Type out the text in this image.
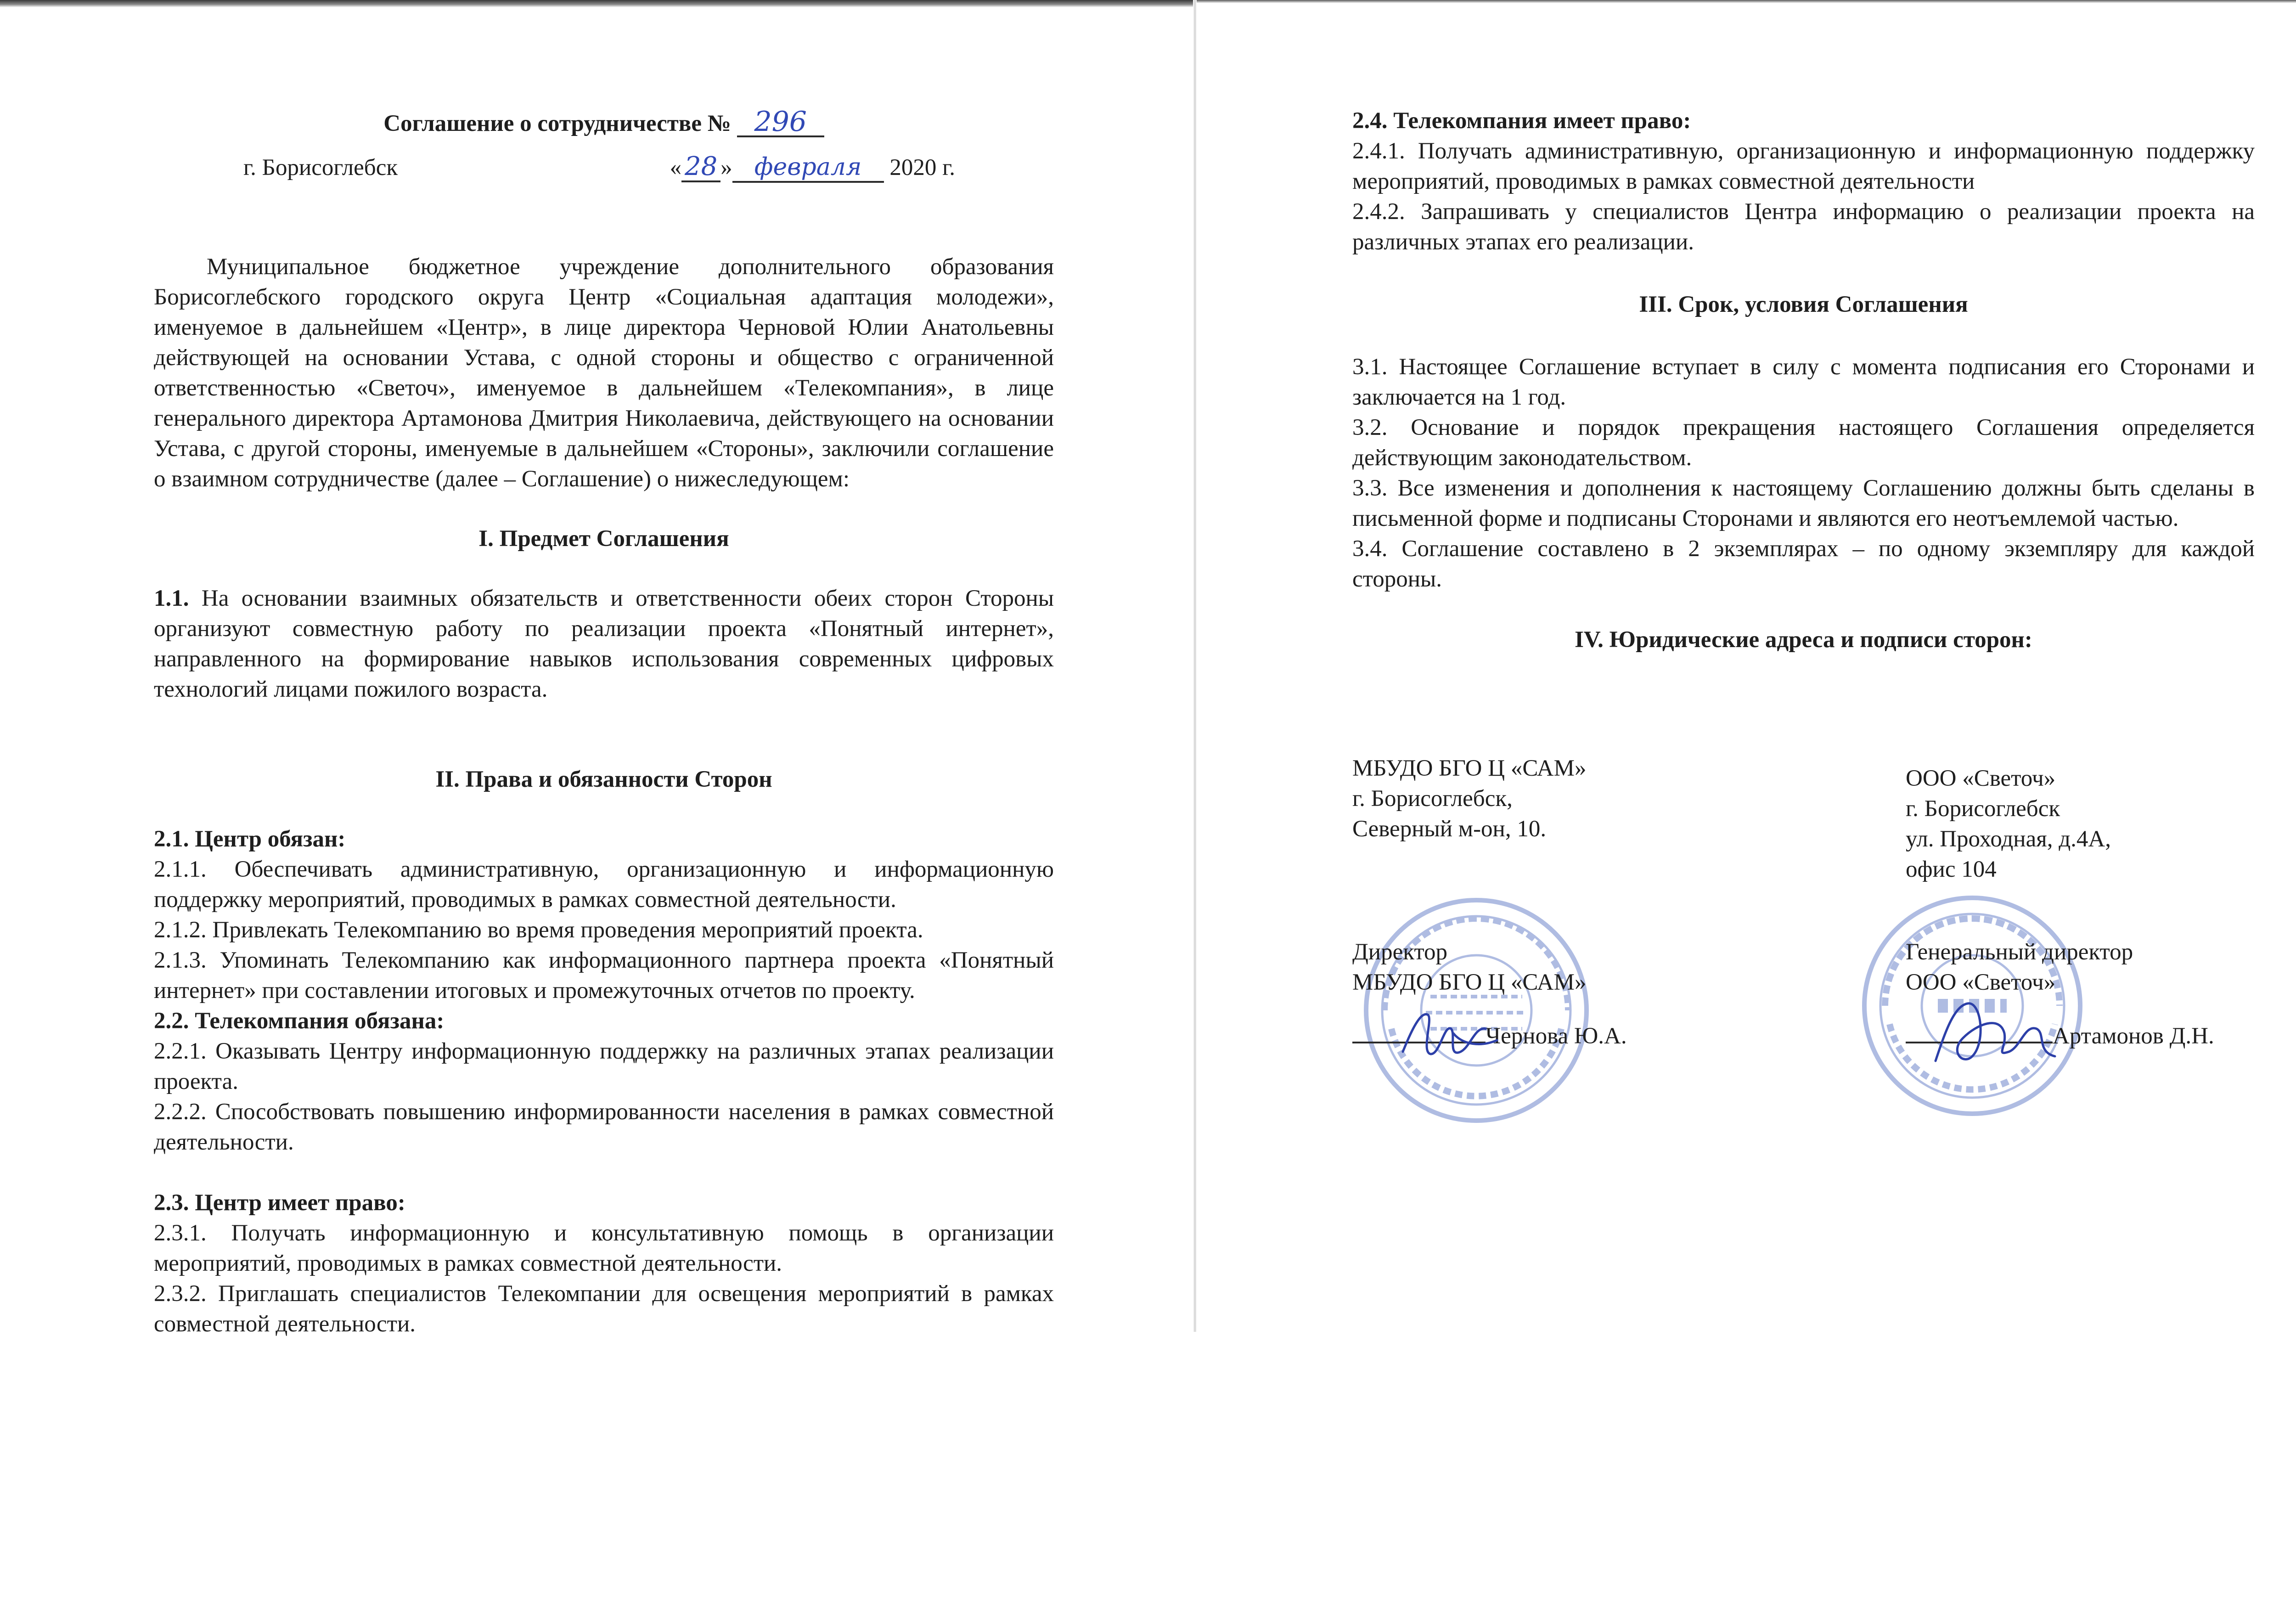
Соглашение о сотрудничестве № 296

г. Борисоглебск	« 28 » февраля 2020 г.

Муниципальное бюджетное учреждение дополнительного образования Борисоглебского городского округа Центр «Социальная адаптация молодежи», именуемое в дальнейшем «Центр», в лице директора Черновой Юлии Анатольевны действующей на основании Устава, с одной стороны и общество с ограниченной ответственностью «Светоч», именуемое в дальнейшем «Телекомпания», в лице генерального директора Артамонова Дмитрия Николаевича, действующего на основании Устава, с другой стороны, именуемые в дальнейшем «Стороны», заключили соглашение о взаимном сотрудничестве (далее – Соглашение) о нижеследующем:

I. Предмет Соглашения

1.1. На основании взаимных обязательств и ответственности обеих сторон Стороны организуют совместную работу по реализации проекта «Понятный интернет», направленного на формирование навыков использования современных цифровых технологий лицами пожилого возраста.

II. Права и обязанности Сторон

2.1. Центр обязан:

2.1.1. Обеспечивать административную, организационную и информационную поддержку мероприятий, проводимых в рамках совместной деятельности.

2.1.2. Привлекать Телекомпанию во время проведения мероприятий проекта.

2.1.3. Упоминать Телекомпанию как информационного партнера проекта «Понятный интернет» при составлении итоговых и промежуточных отчетов по проекту.

2.2. Телекомпания обязана:

2.2.1. Оказывать Центру информационную поддержку на различных этапах реализации проекта.

2.2.2. Способствовать повышению информированности населения в рамках совместной деятельности.

2.3. Центр имеет право:

2.3.1. Получать информационную и консультативную помощь в организации мероприятий, проводимых в рамках совместной деятельности.

2.3.2. Приглашать специалистов Телекомпании для освещения мероприятий в рамках совместной деятельности.

2.4. Телекомпания имеет право:

2.4.1. Получать административную, организационную и информационную поддержку мероприятий, проводимых в рамках совместной деятельности

2.4.2. Запрашивать у специалистов Центра информацию о реализации проекта на различных этапах его реализации.

III. Срок, условия Соглашения

3.1. Настоящее Соглашение вступает в силу с момента подписания его Сторонами и заключается на 1 год.

3.2. Основание и порядок прекращения настоящего Соглашения определяется действующим законодательством.

3.3. Все изменения и дополнения к настоящему Соглашению должны быть сделаны в письменной форме и подписаны Сторонами и являются его неотъемлемой частью.

3.4. Соглашение составлено в 2 экземплярах – по одному экземпляру для каждой стороны.

IV. Юридические адреса и подписи сторон:

МБУДО БГО Ц «САМ»
г. Борисоглебск,
Северный м-он, 10.
ООО «Светоч»
г. Борисоглебск
ул. Проходная, д.4А,
офис 104
Директор
МБУДО БГО Ц «САМ»
Чернова Ю.А.
Генеральный директор
ООО «Светоч»
Артамонов Д.Н.
